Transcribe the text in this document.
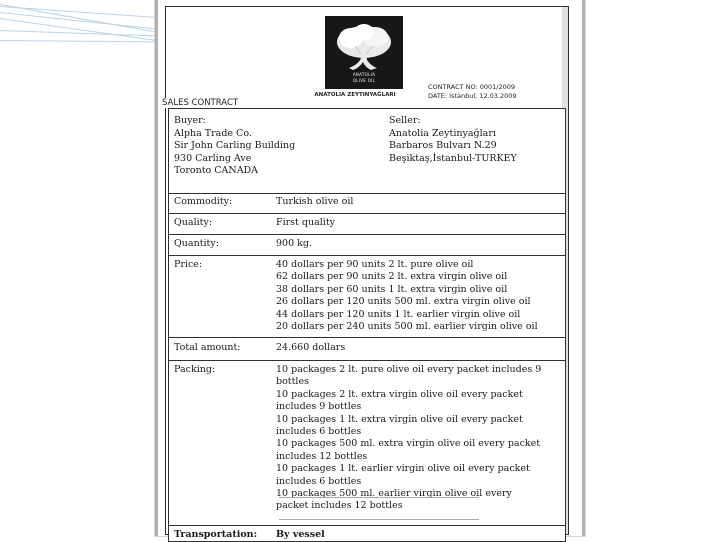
ANATOLIA
OLIVE OIL
ANATOLIA ZEYTINYAĞLARI
CONTRACT NO: 0001/2009
DATE: Istanbul, 12.03.2009
Buyer:
Alpha Trade Co.
Sir John Carling Building
930 Carling Ave
Toronto CANADA
Seller:
Anatolia Zeytinyağları
Barbaros Bulvarı N.29
Beşiktaş,İstanbul-TURKEY
Commodity:	Turkish olive oil
Quality:	First quality
Quantity:	900 kg.
Price:	40 dollars per 90 units 2 lt. pure olive oil
62 dollars per 90 units 2 lt. extra virgin olive oil
38 dollars per 60 units 1 lt. extra virgin olive oil
26 dollars per 120 units 500 ml. extra virgin olive oil
44 dollars per 120 units 1 lt. earlier virgin olive oil
20 dollars per 240 units 500 ml. earlier virgin olive oil
Total amount:	24.660 dollars
Packing:	10 packages 2 lt. pure olive oil every packet includes 9
bottles
10 packages 2 lt. extra virgin olive oil every packet
includes 9 bottles
10 packages 1 lt. extra virgin olive oil every packet
includes 6 bottles
10 packages 500 ml. extra virgin olive oil every packet
includes 12 bottles
10 packages 1 lt. earlier virgin olive oil every packet
includes 6 bottles
10 packages 500 ml. earlier virgin olive oil every
packet includes 12 bottles
Transportation: By vessel
SALES CONTRACT
